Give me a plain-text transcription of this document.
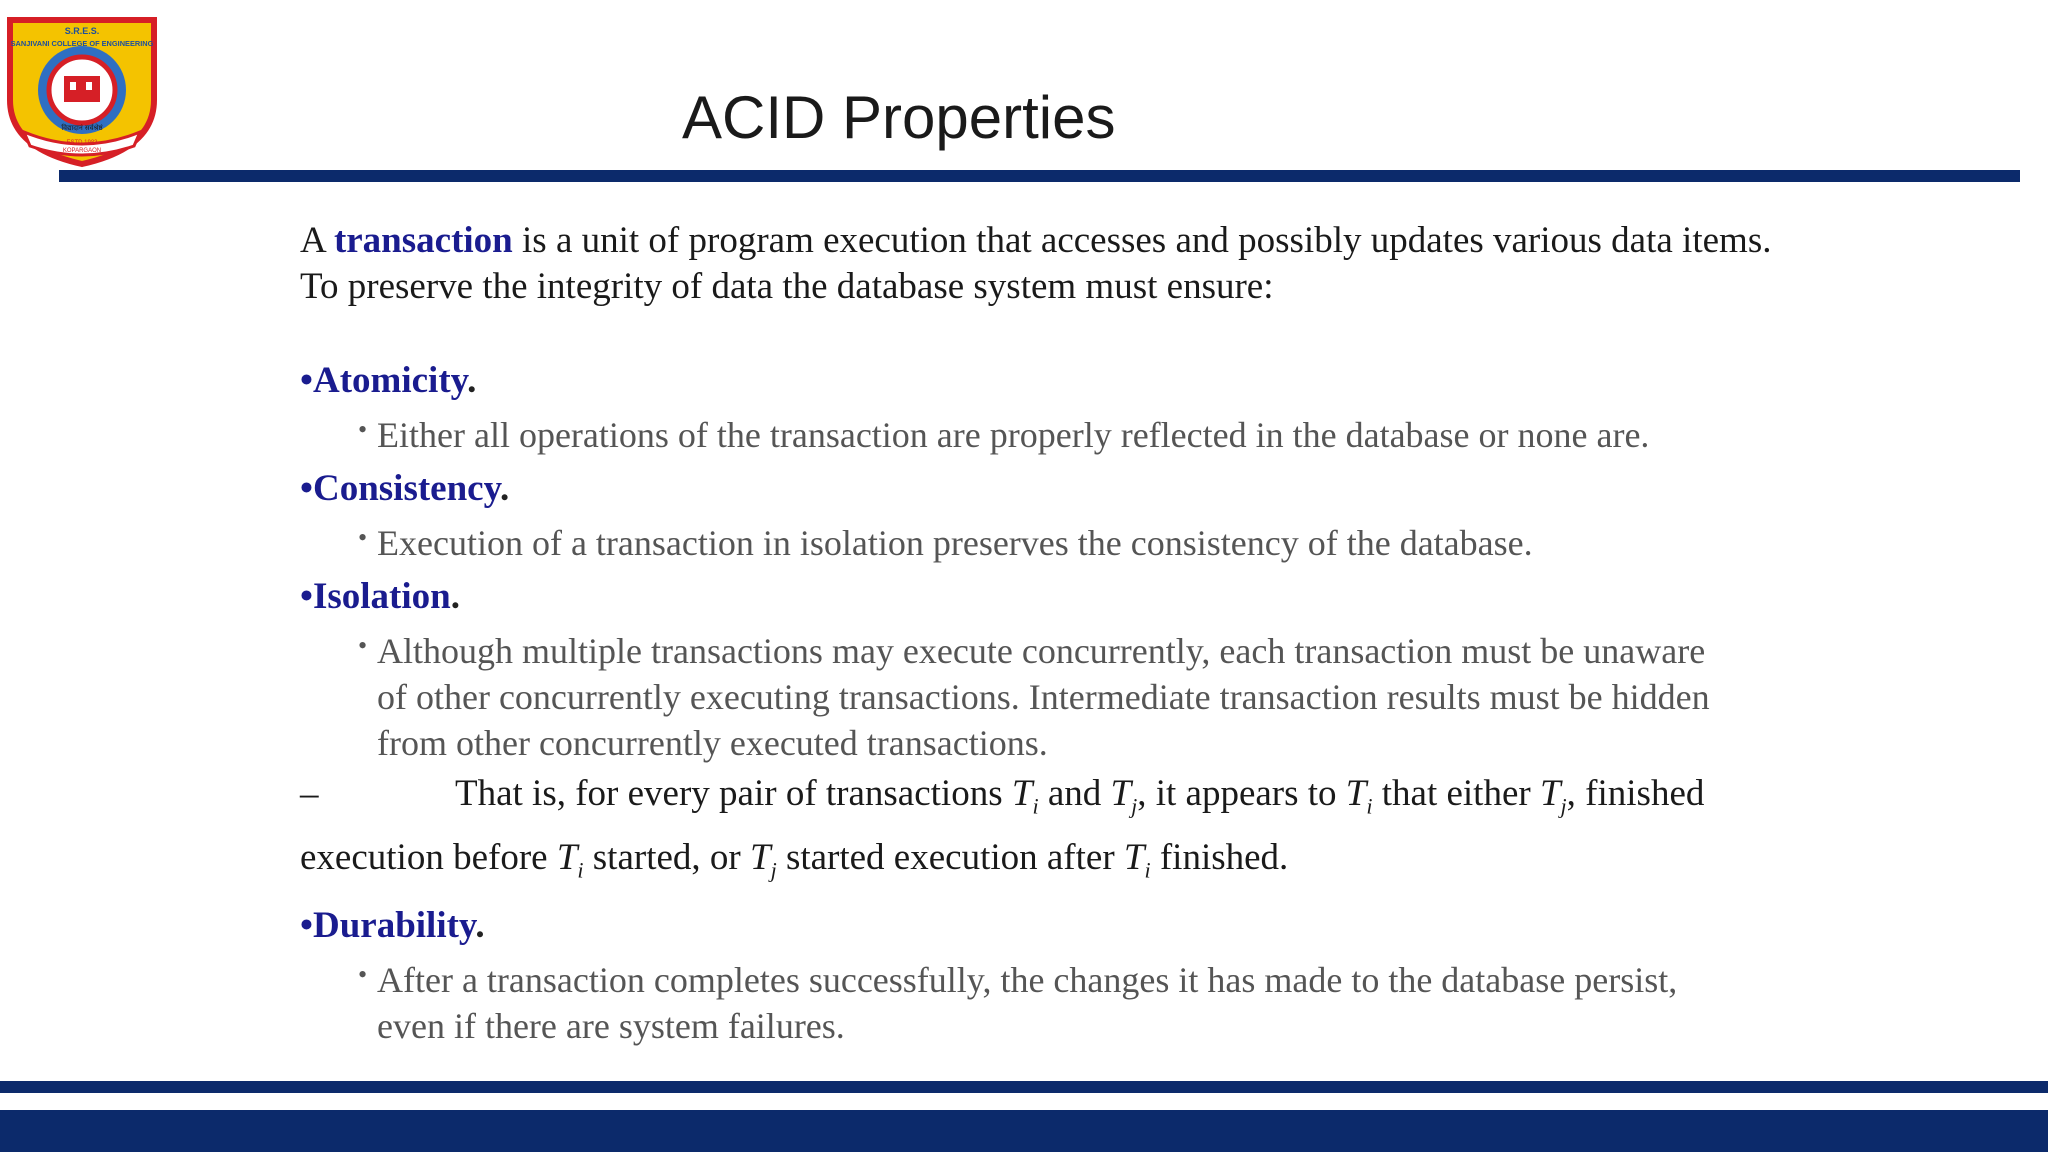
S.R.E.S.
SANJIVANI COLLEGE OF ENGINEERING
विद्यादानं सर्वश्रेष्ठं
ESTD.1983
KOPARGAON	ACID Properties

A transaction is a unit of program execution that accesses and possibly updates various data items. To preserve the integrity of data the database system must ensure:

•Atomicity.
• Either all operations of the transaction are properly reflected in the database or none are.
•Consistency.
• Execution of a transaction in isolation preserves the consistency of the database.
•Isolation.
• Although multiple transactions may execute concurrently, each transaction must be unaware of other concurrently executing transactions. Intermediate transaction results must be hidden from other concurrently executed transactions.
–	That is, for every pair of transactions $T_i$ and $T_j$, it appears to $T_i$ that either $T_j$, finished execution before $T_i$ started, or $T_j$ started execution after $T_i$ finished.
•Durability.
• After a transaction completes successfully, the changes it has made to the database persist, even if there are system failures.
